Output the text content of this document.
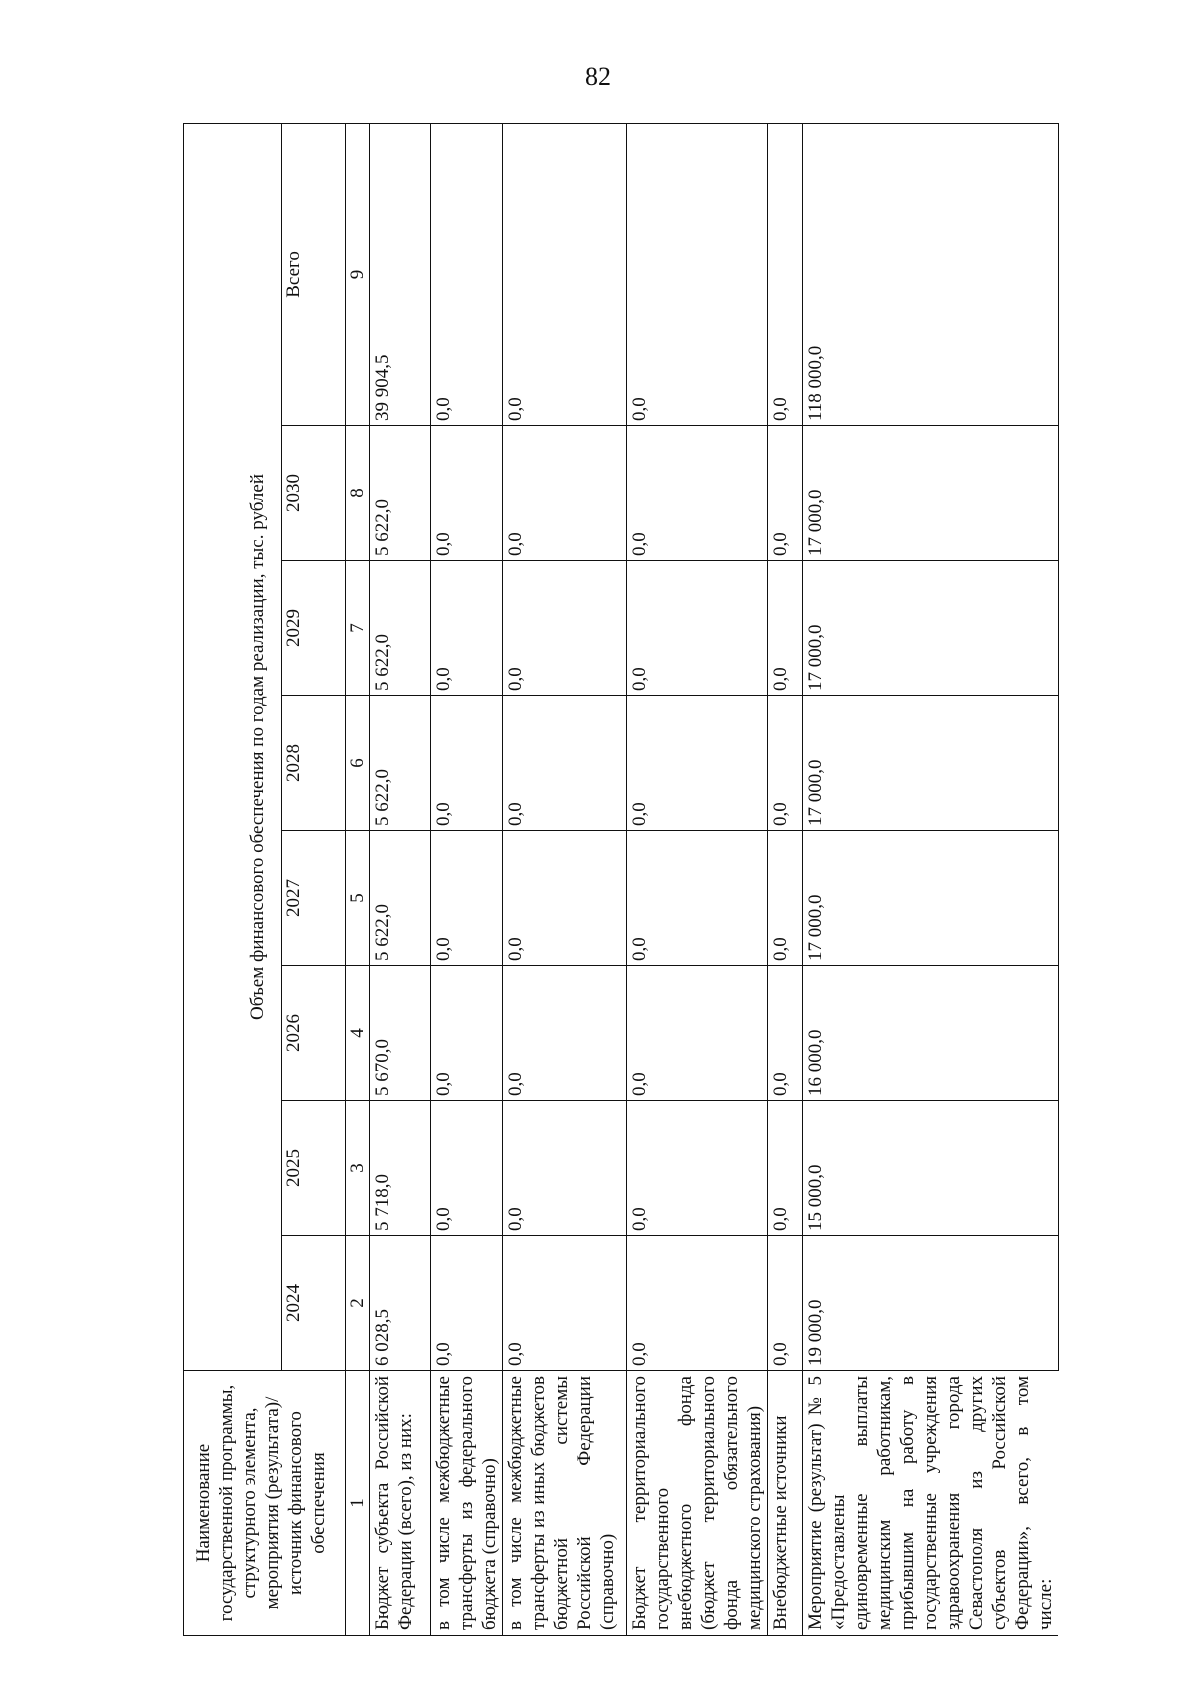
82
Наименование государственной программы, структурного элемента, мероприятия (результата)/источник финансового обеспечения	Объем финансового обеспечения по годам реализации, тыс. рублей							
	2024	2025	2026	2027	2028	2029	2030	Всего
1	2	3	4	5	6	7	8	9
Бюджет субъекта Российской Федерации (всего), из них:	6 028,5	5 718,0	5 670,0	5 622,0	5 622,0	5 622,0	5 622,0	39 904,5
в том числе межбюджетные трансферты из федерального бюджета (справочно)	0,0	0,0	0,0	0,0	0,0	0,0	0,0	0,0
в том числе межбюджетные трансферты из иных бюджетов бюджетной системы Российской Федерации (справочно)	0,0	0,0	0,0	0,0	0,0	0,0	0,0	0,0
Бюджет территориального государственного внебюджетного фонда (бюджет территориального фонда обязательного медицинского страхования)	0,0	0,0	0,0	0,0	0,0	0,0	0,0	0,0
Внебюджетные источники	0,0	0,0	0,0	0,0	0,0	0,0	0,0	0,0
Мероприятие (результат) № 5 «Предоставлены единовременные выплаты медицинским работникам, прибывшим на работу в государственные учреждения здравоохранения города Севастополя из других субъектов Российской Федерации», всего, в том числе:	19 000,0	15 000,0	16 000,0	17 000,0	17 000,0	17 000,0	17 000,0	118 000,0
